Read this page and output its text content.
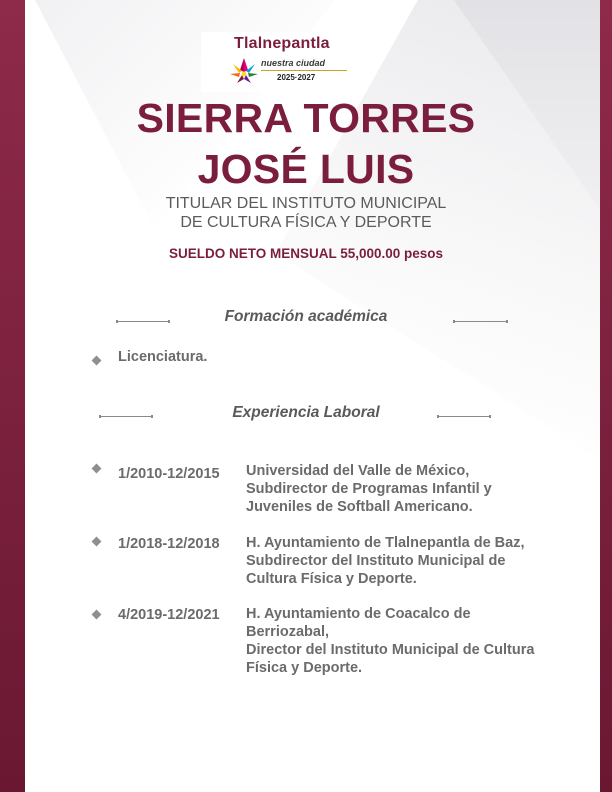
Tlalnepantla
nuestra ciudad
2025·2027
SIERRA TORRES
JOSÉ LUIS
TITULAR DEL INSTITUTO MUNICIPAL
DE CULTURA FÍSICA Y DEPORTE
SUELDO NETO MENSUAL 55,000.00 pesos
Formación académica
Licenciatura.
Experiencia Laboral
1/2010-12/2015 Universidad del Valle de México,
Subdirector de Programas Infantil y
Juveniles de Softball Americano.
1/2018-12/2018 H. Ayuntamiento de Tlalnepantla de Baz,
Subdirector del Instituto Municipal de
Cultura Física y Deporte.
4/2019-12/2021 H. Ayuntamiento de Coacalco de
Berriozabal,
Director del Instituto Municipal de Cultura
Física y Deporte.
